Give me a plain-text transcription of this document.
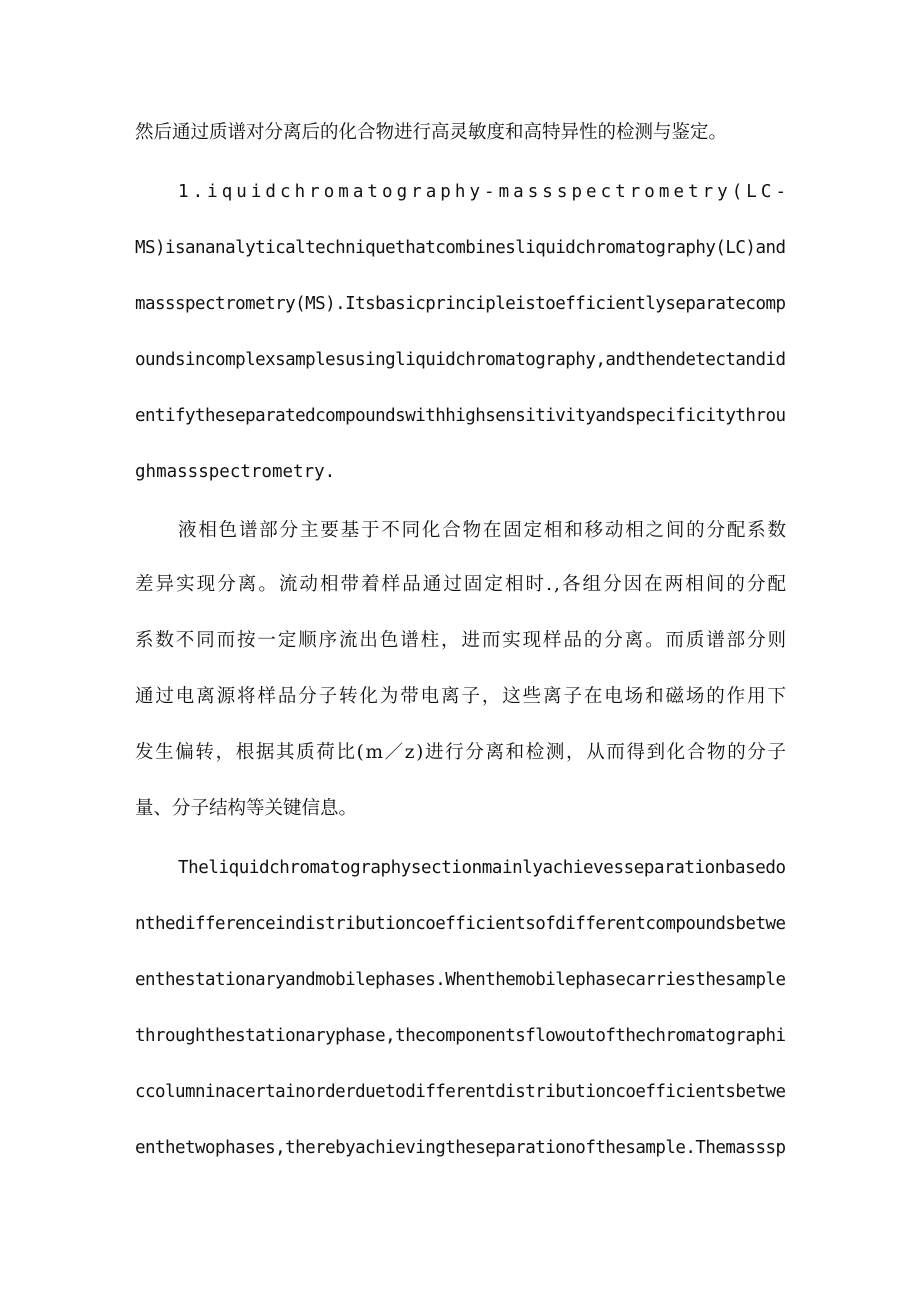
然后通过质谱对分离后的化合物进行高灵敏度和高特异性的检测与鉴定。
1.iquidchromatography-massspectrometry(LC-
MS)isananalyticaltechniquethatcombinesliquidchromatography(LC)and
massspectrometry(MS).Itsbasicprincipleistoefficientlyseparatecomp
oundsincomplexsamplesusingliquidchromatography,andthendetectandid
entifytheseparatedcompoundswithhighsensitivityandspecificitythrou
ghmassspectrometry.
液相色谱部分主要基于不同化合物在固定相和移动相之间的分配系数
差异实现分离。流动相带着样品通过固定相时.,各组分因在两相间的分配
系数不同而按一定顺序流出色谱柱，进而实现样品的分离。而质谱部分则
通过电离源将样品分子转化为带电离子，这些离子在电场和磁场的作用下
发生偏转，根据其质荷比(m／z)进行分离和检测，从而得到化合物的分子
量、分子结构等关键信息。
Theliquidchromatographysectionmainlyachievesseparationbasedo
nthedifferenceindistributioncoefficientsofdifferentcompoundsbetwe
enthestationaryandmobilephases.Whenthemobilephasecarriesthesample
throughthestationaryphase,thecomponentsflowoutofthechromatographi
ccolumninacertainorderduetodifferentdistributioncoefficientsbetwe
enthetwophases,therebyachievingtheseparationofthesample.Themasssp
